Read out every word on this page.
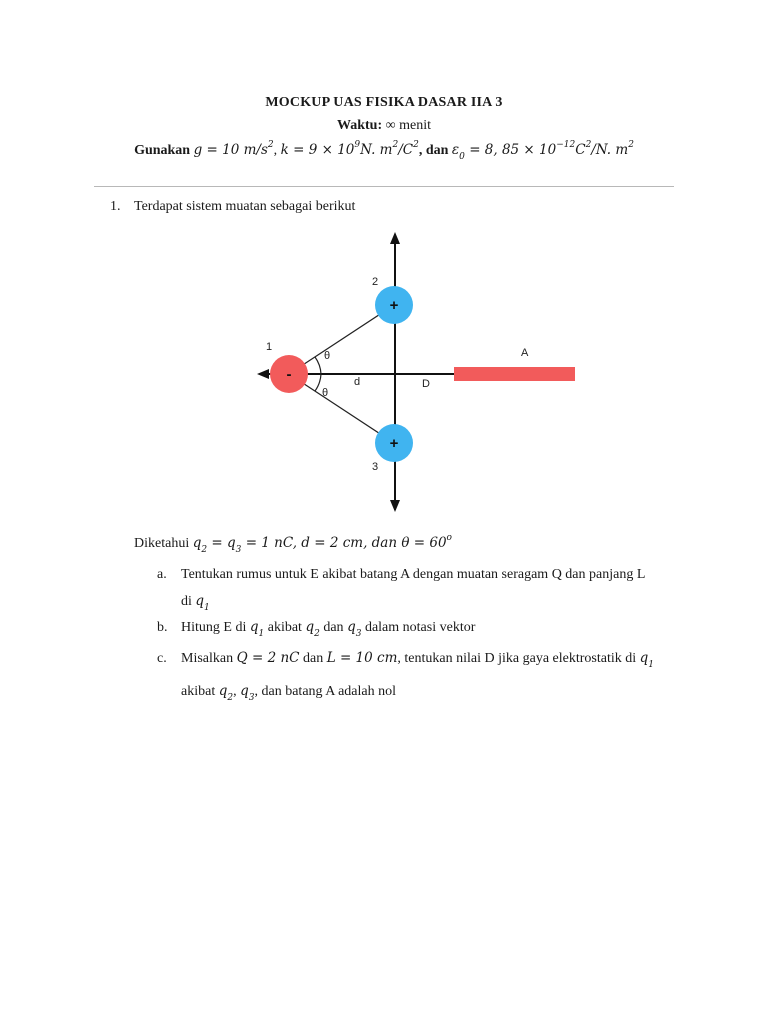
MOCKUP UAS FISIKA DASAR IIA 3
Waktu: ∞ menit
Gunakan g = 10 $m/s^2$, $k = 9 \times 10^9N$. $m^2/C^2$, dan $\varepsilon_0 = 8$, $85 \times 10^{-12}C^2/N$. $m^2$
1. Terdapat sistem muatan sebagai berikut
-
+
+
1
2
3
θ
θ
d	D
A
Diketahui $q_2 = q_3 = 1$ nC, d = 2 cm, dan $\theta = 60^o$
a. Tentukan rumus untuk E akibat batang A dengan muatan seragam Q dan panjang L
di $q_1$
b. Hitung E di $q_1$ akibat $q_2$ dan $q_3$ dalam notasi vektor
c. Misalkan Q = 2 nC dan L = 10 cm, tentukan nilai D jika gaya elektrostatik di $q_1$
akibat $q_2$, $q_3$, dan batang A adalah nol
